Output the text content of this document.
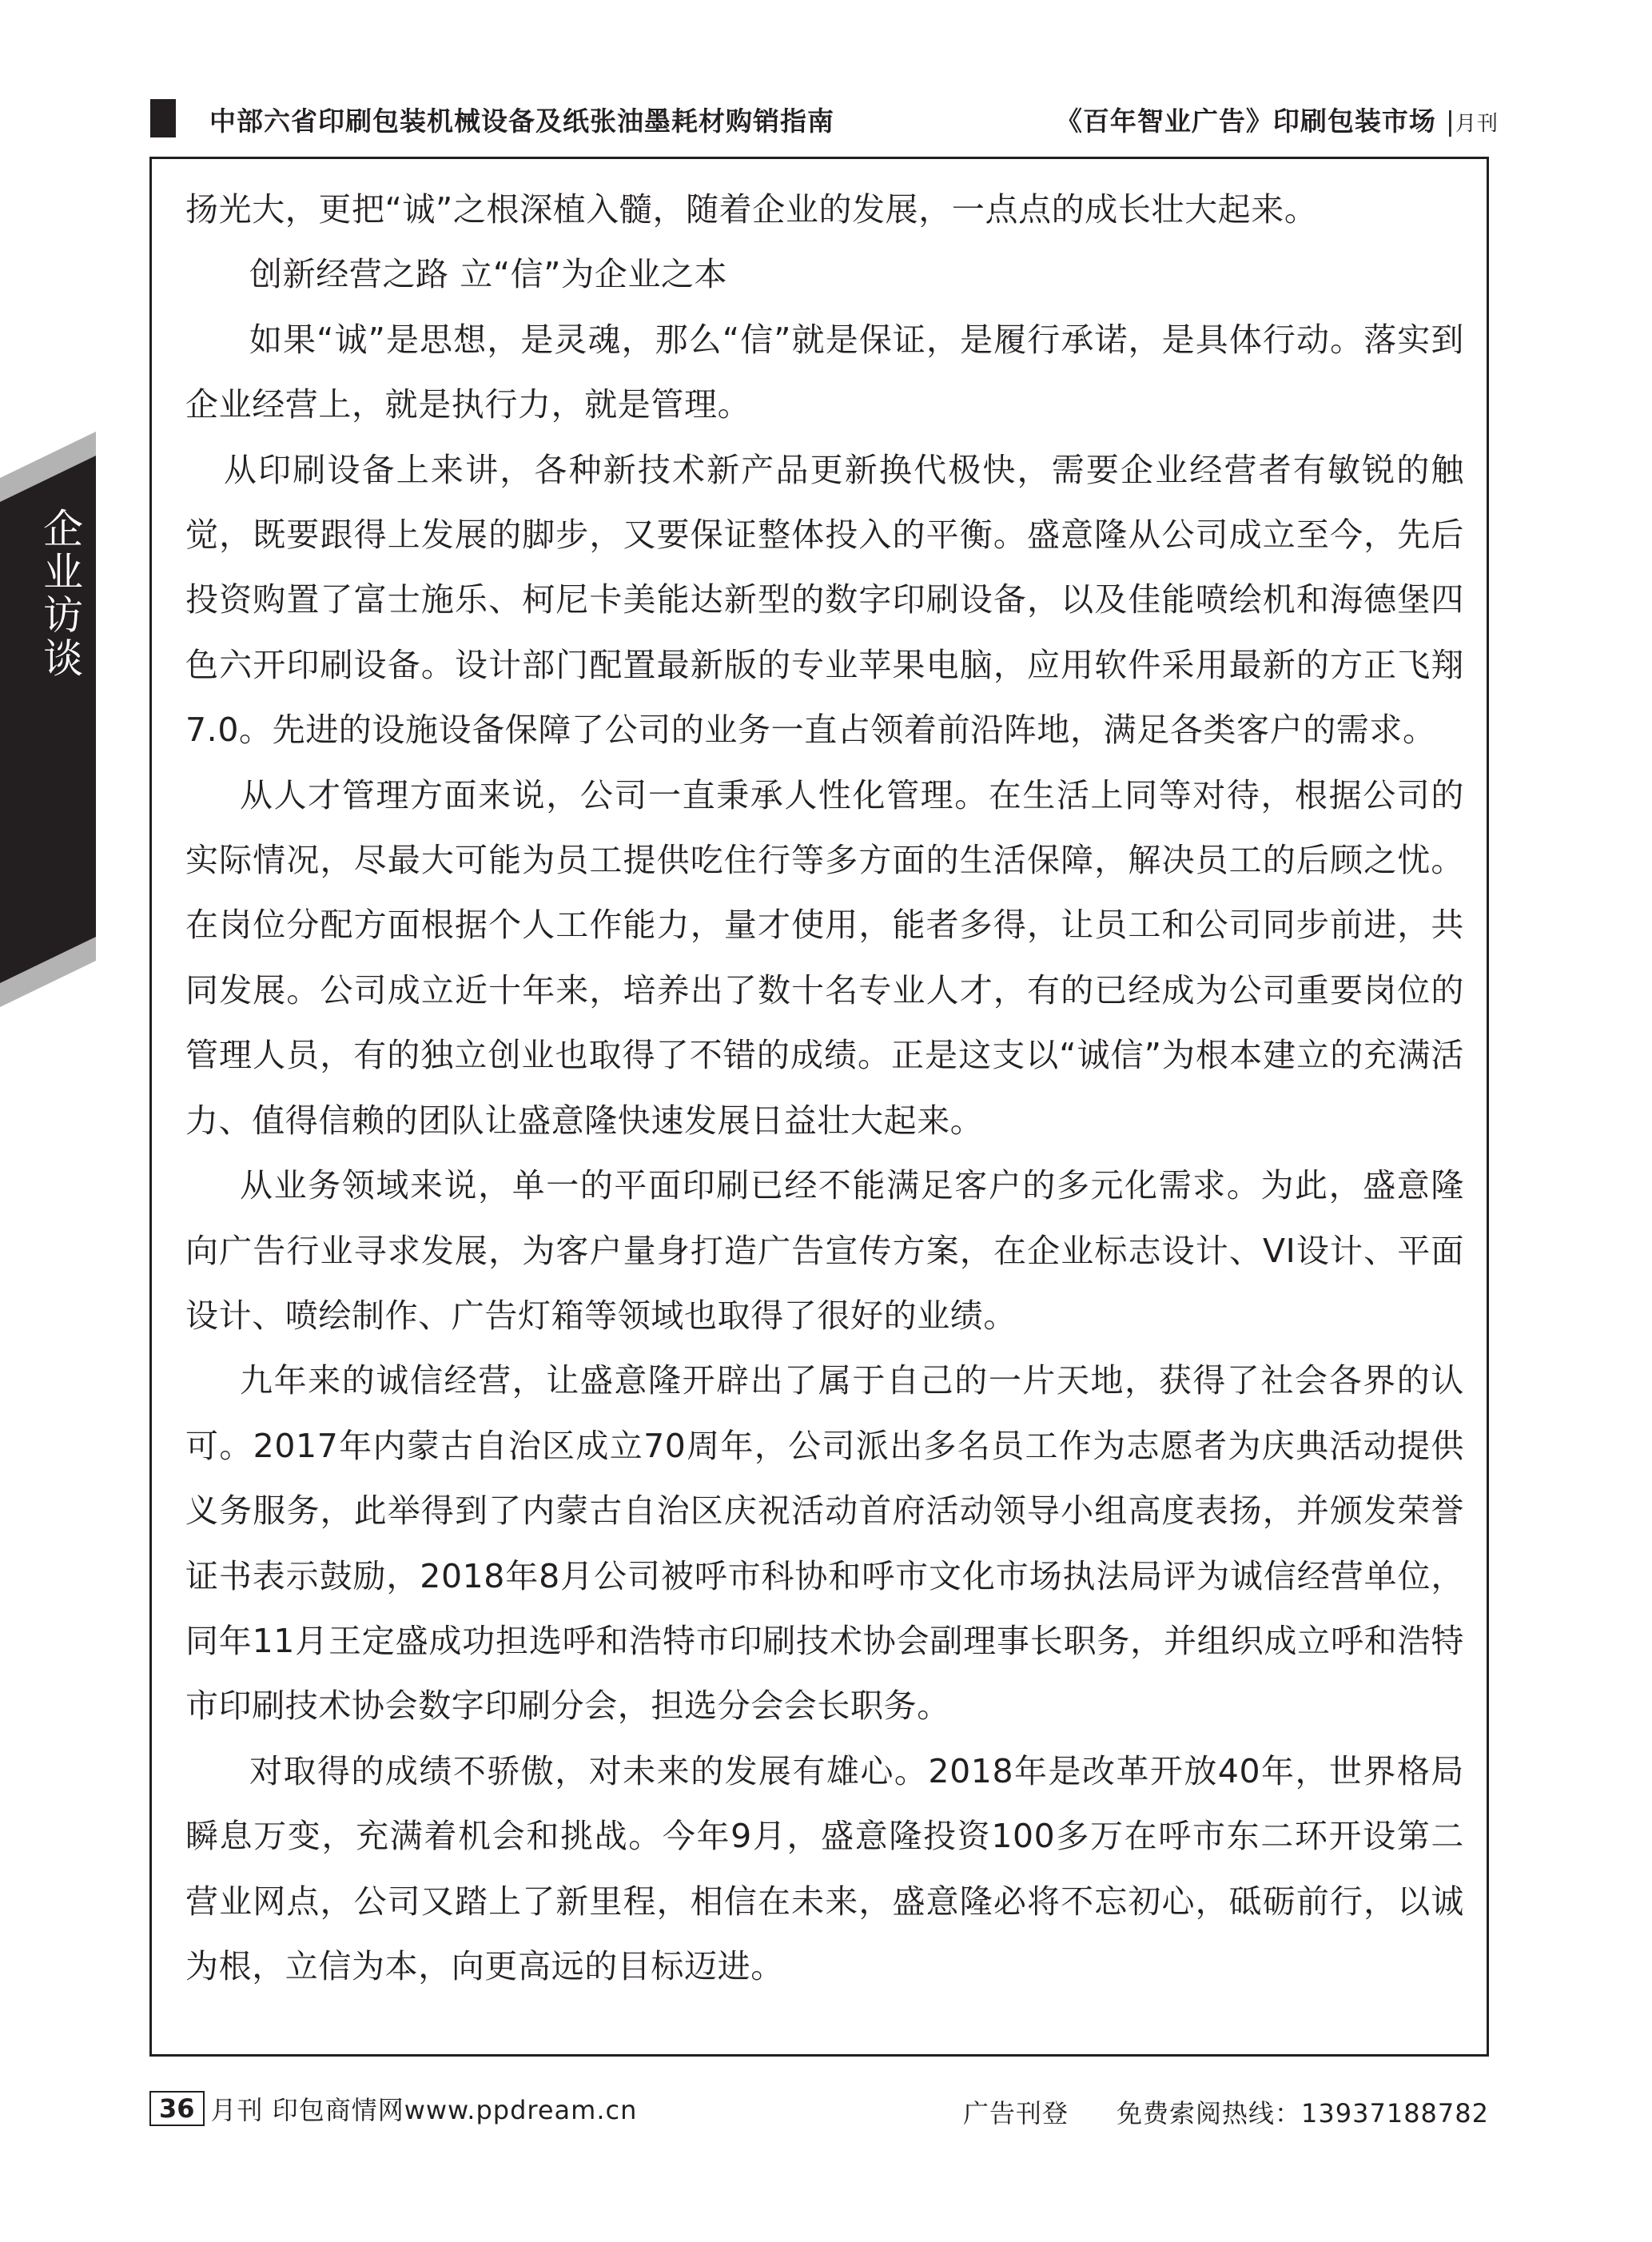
中部六省印刷包装机械设备及纸张油墨耗材购销指南	《百年智业广告》印刷包装市场 |月刊
企业访谈

扬光大，更把“诚”之根深植入髓，随着企业的发展，一点点的成长壮大起来。

创新经营之路 立“信”为企业之本

如果“诚”是思想，是灵魂，那么“信”就是保证，是履行承诺，是具体行动。落实到企业经营上，就是执行力，就是管理。

从印刷设备上来讲，各种新技术新产品更新换代极快，需要企业经营者有敏锐的触觉，既要跟得上发展的脚步，又要保证整体投入的平衡。盛意隆从公司成立至今，先后投资购置了富士施乐、柯尼卡美能达新型的数字印刷设备，以及佳能喷绘机和海德堡四色六开印刷设备。设计部门配置最新版的专业苹果电脑，应用软件采用最新的方正飞翔7.0。先进的设施设备保障了公司的业务一直占领着前沿阵地，满足各类客户的需求。

从人才管理方面来说，公司一直秉承人性化管理。在生活上同等对待，根据公司的实际情况，尽最大可能为员工提供吃住行等多方面的生活保障，解决员工的后顾之忧。在岗位分配方面根据个人工作能力，量才使用，能者多得，让员工和公司同步前进，共同发展。公司成立近十年来，培养出了数十名专业人才，有的已经成为公司重要岗位的管理人员，有的独立创业也取得了不错的成绩。正是这支以“诚信”为根本建立的充满活力、值得信赖的团队让盛意隆快速发展日益壮大起来。

从业务领域来说，单一的平面印刷已经不能满足客户的多元化需求。为此，盛意隆向广告行业寻求发展，为客户量身打造广告宣传方案，在企业标志设计、VI设计、平面设计、喷绘制作、广告灯箱等领域也取得了很好的业绩。

九年来的诚信经营，让盛意隆开辟出了属于自己的一片天地，获得了社会各界的认可。2017年内蒙古自治区成立70周年，公司派出多名员工作为志愿者为庆典活动提供义务服务，此举得到了内蒙古自治区庆祝活动首府活动领导小组高度表扬，并颁发荣誉证书表示鼓励，2018年8月公司被呼市科协和呼市文化市场执法局评为诚信经营单位，同年11月王定盛成功担选呼和浩特市印刷技术协会副理事长职务，并组织成立呼和浩特市印刷技术协会数字印刷分会，担选分会会长职务。

对取得的成绩不骄傲，对未来的发展有雄心。2018年是改革开放40年，世界格局瞬息万变，充满着机会和挑战。今年9月，盛意隆投资100多万在呼市东二环开设第二营业网点，公司又踏上了新里程，相信在未来，盛意隆必将不忘初心，砥砺前行，以诚为根，立信为本，向更高远的目标迈进。

36 月刊 印包商情网www.ppdream.cn	广告刊登 免费索阅热线：13937188782
